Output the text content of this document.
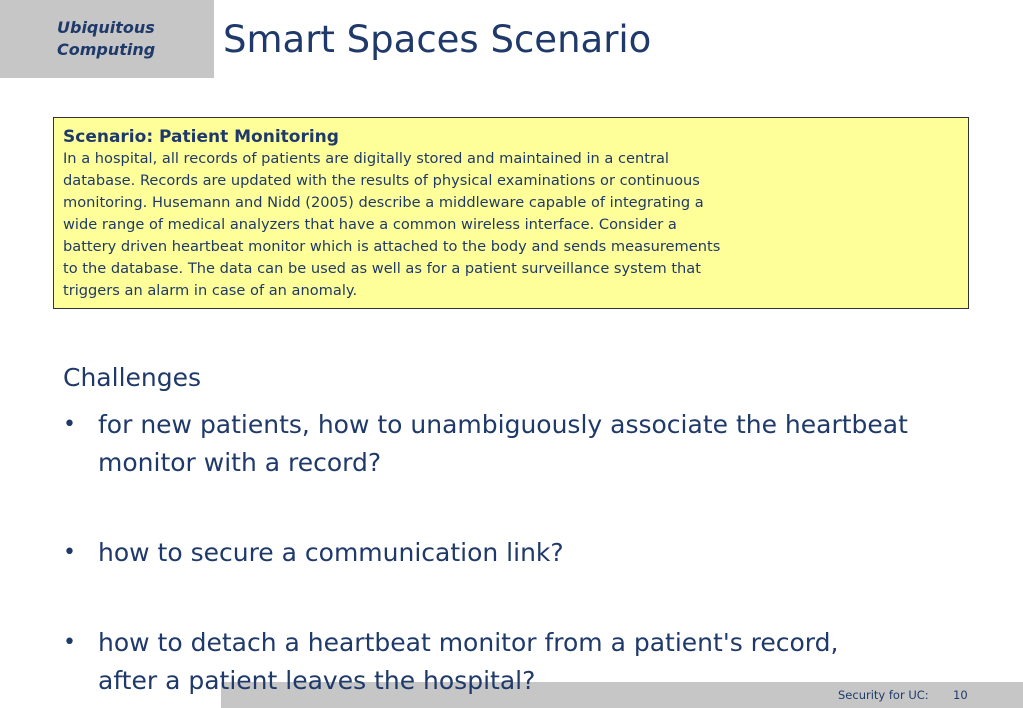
Ubiquitous
Computing Smart Spaces Scenario
Scenario: Patient Monitoring
In a hospital, all records of patients are digitally stored and maintained in a central
database. Records are updated with the results of physical examinations or continuous
monitoring. Husemann and Nidd (2005) describe a middleware capable of integrating a
wide range of medical analyzers that have a common wireless interface. Consider a
battery driven heartbeat monitor which is attached to the body and sends measurements
to the database. The data can be used as well as for a patient surveillance system that
triggers an alarm in case of an anomaly.
Challenges
• for new patients, how to unambiguously associate the heartbeat
monitor with a record?
• how to secure a communication link?
• how to detach a heartbeat monitor from a patient's record,
after a patient leaves the hospital?	Security for UC: 10
